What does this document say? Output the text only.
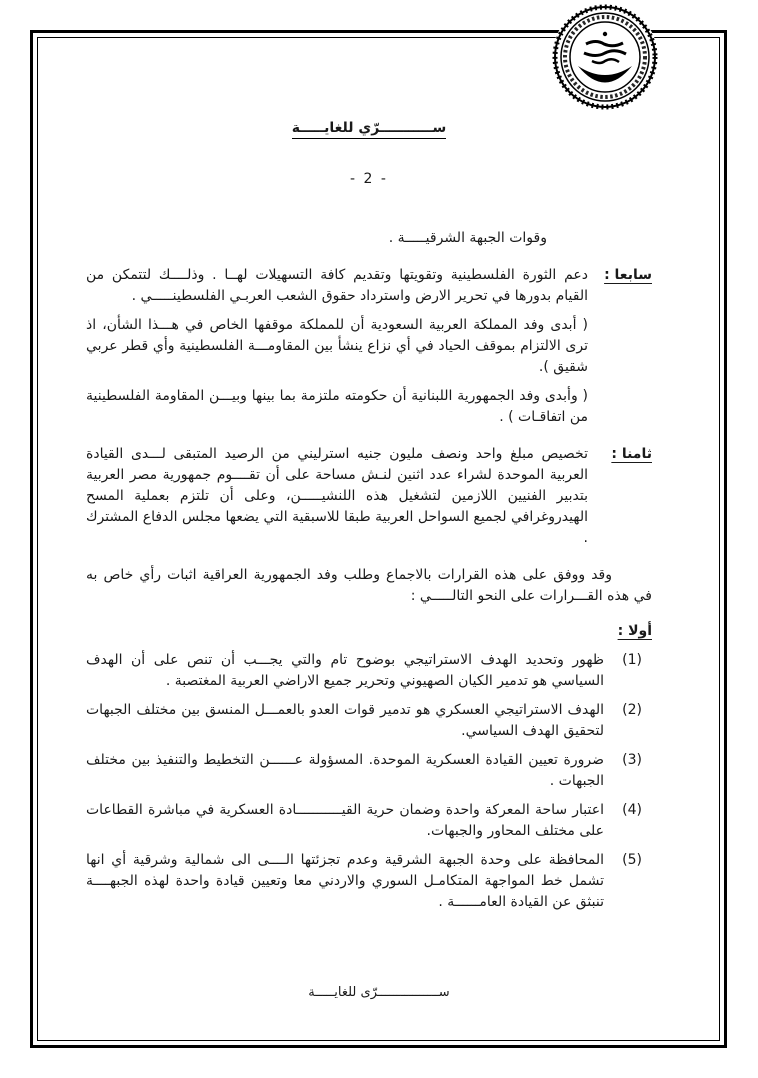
ســـــــــــرّي للغايـــــة
- 2 -
وقوات الجبهة الشرقيـــــة .
سابعا :

دعم الثورة الفلسطينية وتقويتها وتقديم كافة التسهيلات لهــا . وذلــــك لتتمكن من القيام بدورها في تحرير الارض واسترداد حقوق الشعب العربـي الفلسطينـــــي .

( أبدى وفد المملكة العربية السعودية أن للمملكة موقفها الخاص في هـــذا الشأن، اذ ترى الالتزام بموقف الحياد في أي نزاع ينشأ بين المقاومـــة الفلسطينية وأي قطر عربي شقيق ).

( وأبدى وفد الجمهورية اللبنانية أن حكومته ملتزمة بما بينها وبيـــن المقاومة الفلسطينية من اتفاقـات ) .

ثامنا :

تخصيص مبلغ واحد ونصف مليون جنيه استرليني من الرصيد المتبقى لـــدى القيادة العربية الموحدة لشراء عدد اثنين لنـش مساحة على أن تقــــوم جمهورية مصر العربية بتدبير الفنيين اللازمين لتشغيل هذه اللنشيـــــن، وعلى أن تلتزم بعملية المسح الهيدروغرافي لجميع السواحل العربية طبقا للاسبقية التي يضعها مجلس الدفاع المشترك .

وقد ووفق على هذه القرارات بالاجماع وطلب وفد الجمهورية العراقية اثبات رأي خاص به في هذه القـــرارات على النحو التالـــــي :

أولا :
(1)
ظهور وتحديد الهدف الاستراتيجي بوضوح تام والتي يجـــب أن تنص على أن الهدف السياسي هو تدمير الكيان الصهيوني وتحرير جميع الاراضي العربية المغتصبة .
(2)
الهدف الاستراتيجي العسكري هو تدمير قوات العدو بالعمـــل المنسق بين مختلف الجبهات لتحقيق الهدف السياسي.
(3)
ضرورة تعيين القيادة العسكرية الموحدة. المسؤولة عــــــن التخطيط والتنفيذ بين مختلف الجبهات .
(4)
اعتبار ساحة المعركة واحدة وضمان حرية القيـــــــــــادة العسكرية في مباشرة القطاعات على مختلف المحاور والجبهات.
(5)
المحافظة على وحدة الجبهة الشرقية وعدم تجزئتها الــــى الى شمالية وشرقية أي انها تشمل خط المواجهة المتكامـل السوري والاردني معا وتعيين قيادة واحدة لهذه الجبهــــة تنبثق عن القيادة العامــــــة .
ســــــــــــــــرّى للغايـــــة
